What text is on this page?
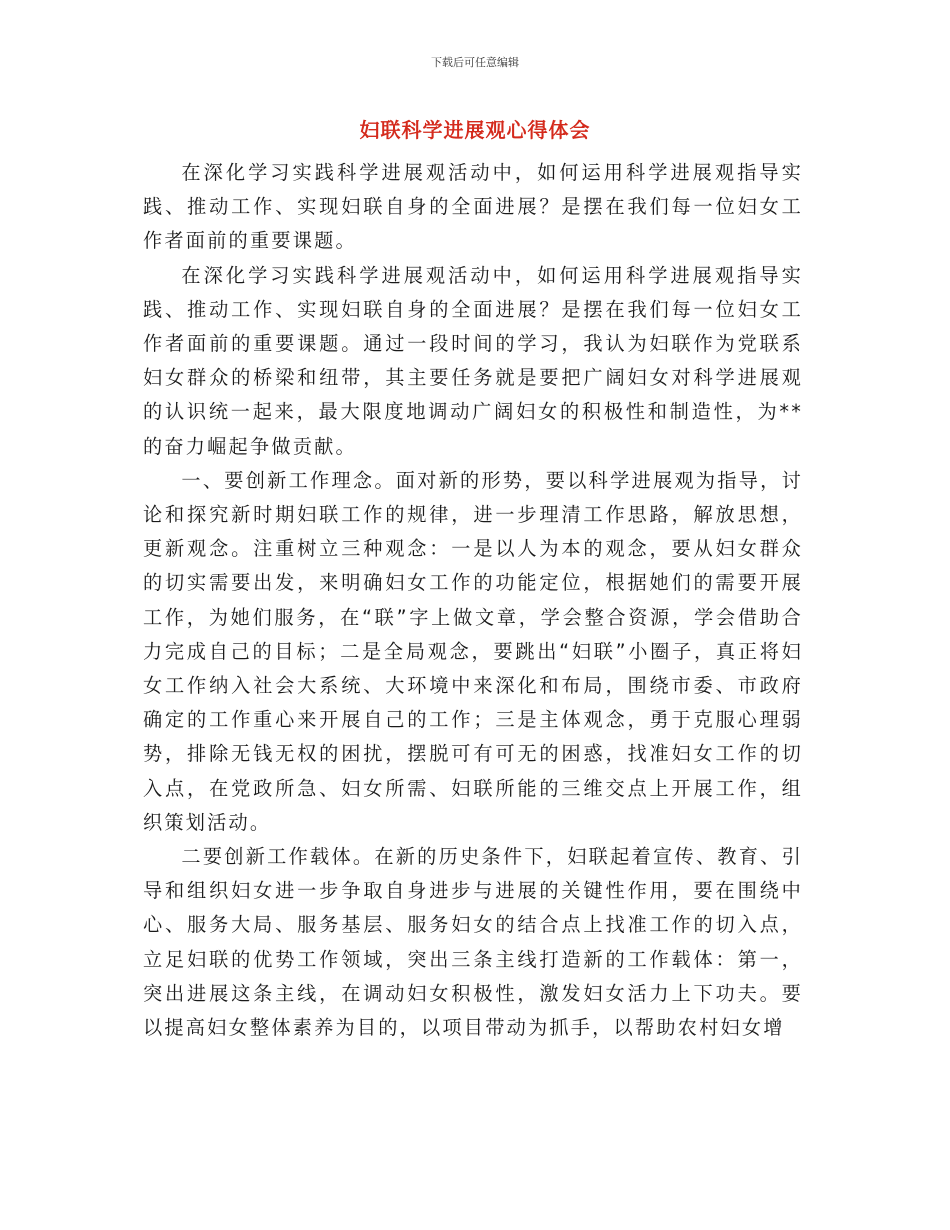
下载后可任意编辑
妇联科学进展观心得体会

在深化学习实践科学进展观活动中，如何运用科学进展观指导实践、推动工作、实现妇联自身的全面进展？是摆在我们每一位妇女工作者面前的重要课题。

在深化学习实践科学进展观活动中，如何运用科学进展观指导实践、推动工作、实现妇联自身的全面进展？是摆在我们每一位妇女工作者面前的重要课题。通过一段时间的学习，我认为妇联作为党联系妇女群众的桥梁和纽带，其主要任务就是要把广阔妇女对科学进展观的认识统一起来，最大限度地调动广阔妇女的积极性和制造性，为**的奋力崛起争做贡献。

一、要创新工作理念。面对新的形势，要以科学进展观为指导，讨论和探究新时期妇联工作的规律，进一步理清工作思路，解放思想，更新观念。注重树立三种观念：一是以人为本的观念，要从妇女群众的切实需要出发，来明确妇女工作的功能定位，根据她们的需要开展工作，为她们服务，在“联”字上做文章，学会整合资源，学会借助合力完成自己的目标；二是全局观念，要跳出“妇联”小圈子，真正将妇女工作纳入社会大系统、大环境中来深化和布局，围绕市委、市政府确定的工作重心来开展自己的工作；三是主体观念，勇于克服心理弱势，排除无钱无权的困扰，摆脱可有可无的困惑，找准妇女工作的切入点，在党政所急、妇女所需、妇联所能的三维交点上开展工作，组织策划活动。

二要创新工作载体。在新的历史条件下，妇联起着宣传、教育、引导和组织妇女进一步争取自身进步与进展的关键性作用，要在围绕中心、服务大局、服务基层、服务妇女的结合点上找准工作的切入点，立足妇联的优势工作领域，突出三条主线打造新的工作载体：第一，突出进展这条主线，在调动妇女积极性，激发妇女活力上下功夫。要以提高妇女整体素养为目的，以项目带动为抓手，以帮助农村妇女增
